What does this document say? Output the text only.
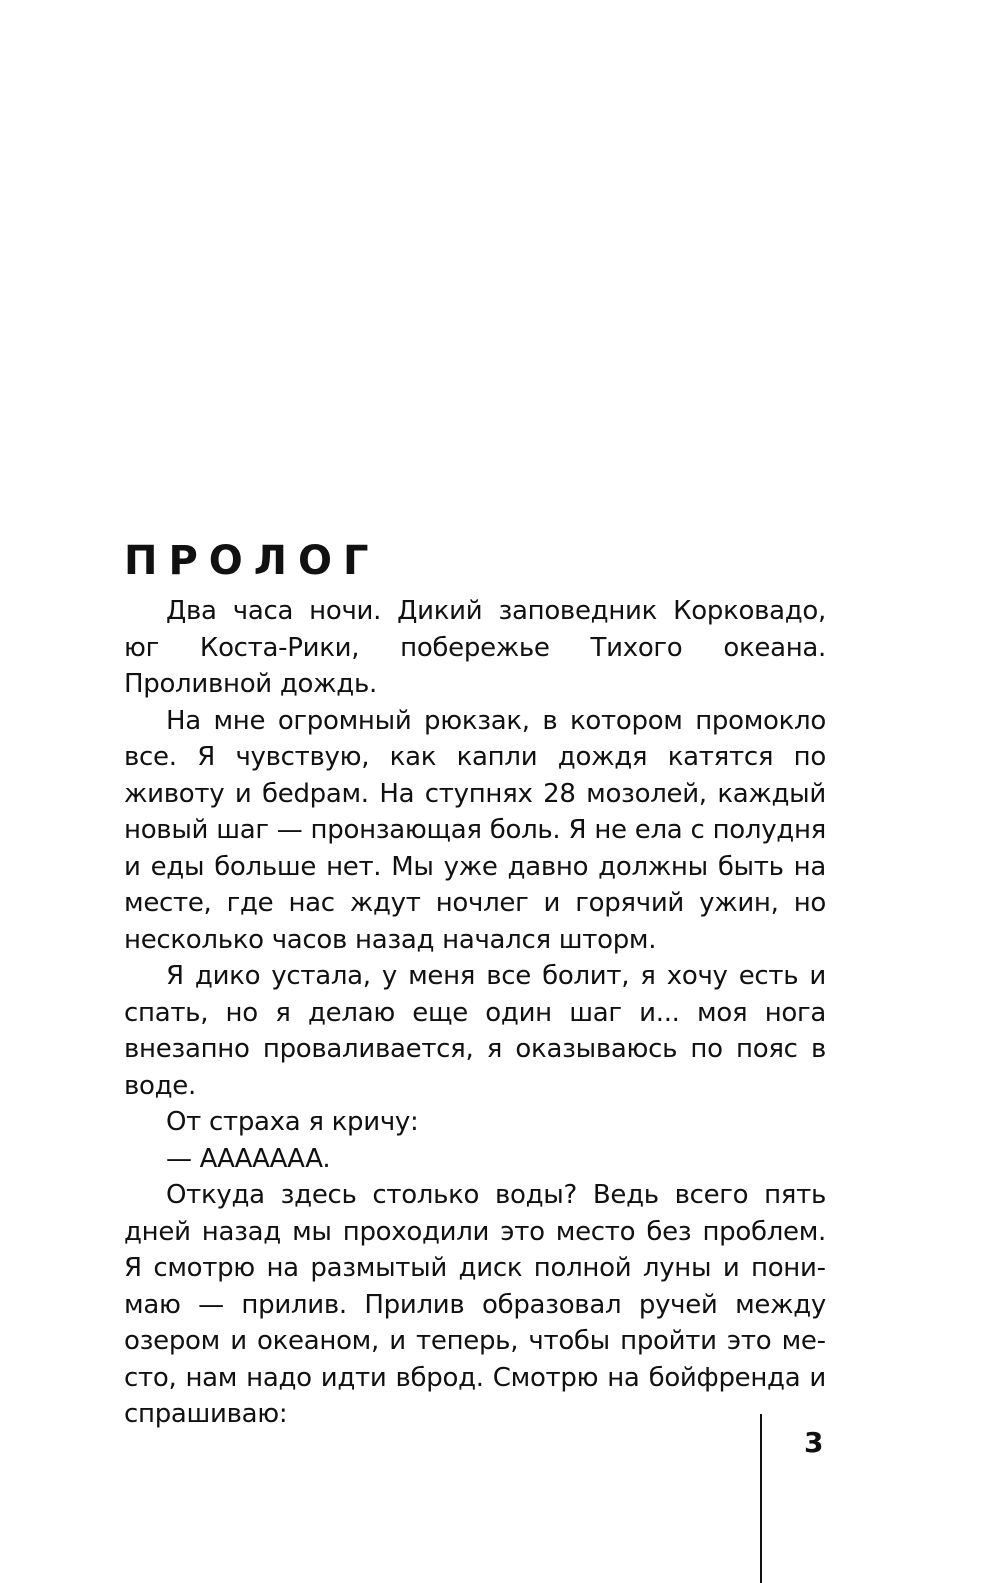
ПРОЛОГ

Два часа ночи. Дикий заповедник Корковадо, юг Коста-Рики, побережье Тихого океана. Проливной дождь.

На мне огромный рюкзак, в котором промокло все. Я чувствую, как капли дождя катятся по животу и беdрам. На ступнях 28 мозолей, каждый новый шаг — пронзающая боль. Я не ела с полудня и еды больше нет. Мы уже давно должны быть на месте, где нас ждут ночлег и горячий ужин, но несколько часов назад начался шторм.

Я дико устала, у меня все болит, я хочу есть и спать, но я делаю еще один шаг и... моя нога внезапно проваливается, я оказываюсь по пояс в воде.

От страха я кричу:

— АААААAA.

Откуда здесь столько воды? Ведь всего пять дней назад мы проходили это место без проблем. Я смотрю на размытый диск полной луны и понимаю — прилив. Прилив образовал ручей между озером и океаном, и теперь, чтобы пройти это место, нам надо идти вброд. Смотрю на бойфренда и спрашиваю:

3
